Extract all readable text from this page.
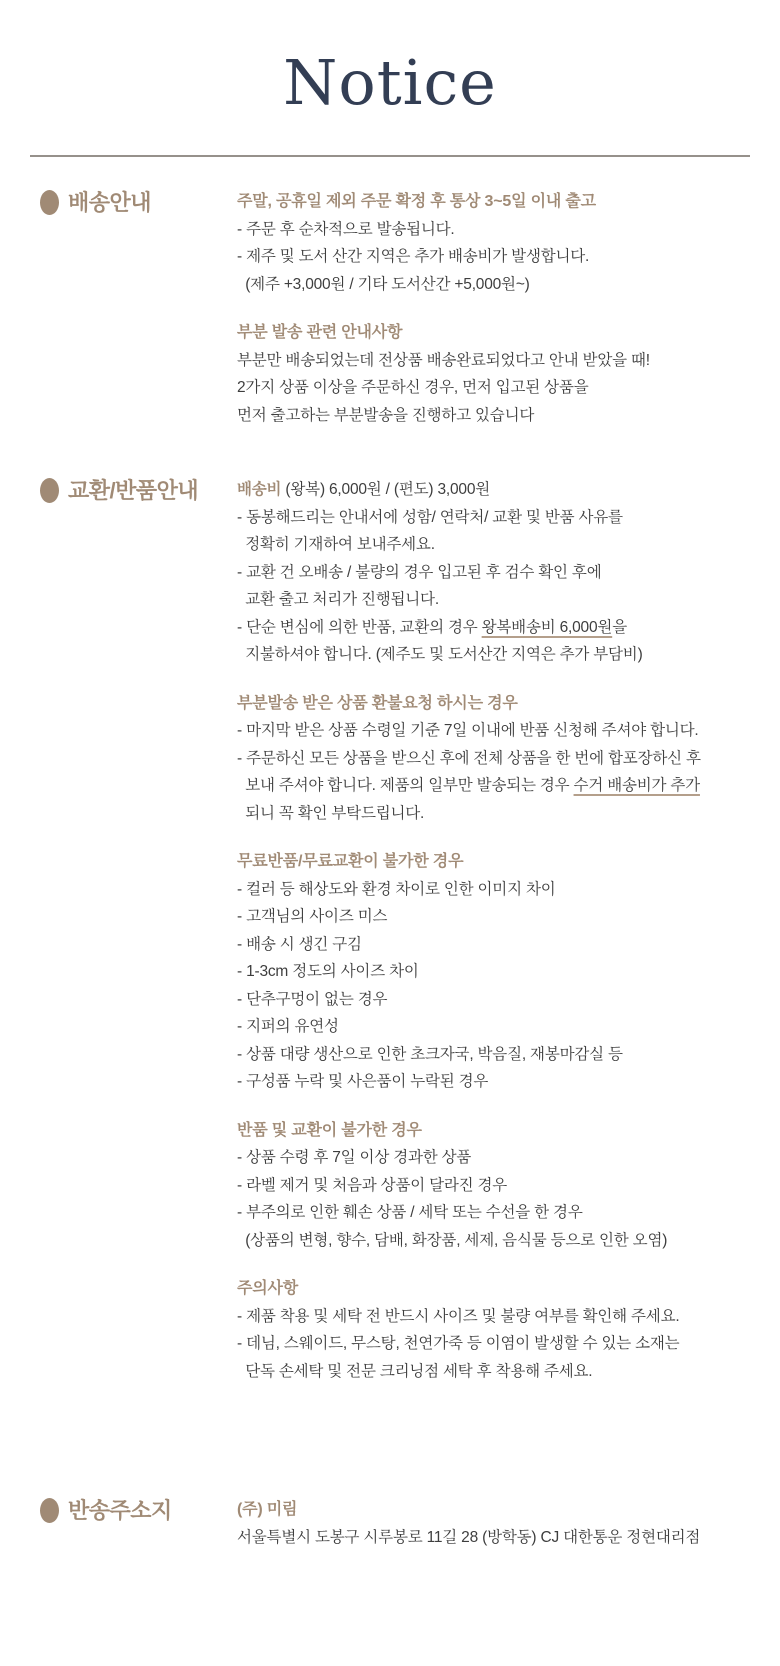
Notice
배송안내	주말, 공휴일 제외 주문 확정 후 통상 3~5일 이내 출고

- 주문 후 순차적으로 발송됩니다.

- 제주 및 도서 산간 지역은 추가 배송비가 발생합니다.

(제주 +3,000원 / 기타 도서산간 +5,000원~)

부분 발송 관련 안내사항

부분만 배송되었는데 전상품 배송완료되었다고 안내 받았을 때!

2가지 상품 이상을 주문하신 경우, 먼저 입고된 상품을

먼저 출고하는 부분발송을 진행하고 있습니다

교환/반품안내	배송비 (왕복) 6,000원 / (편도) 3,000원

- 동봉해드리는 안내서에 성함/ 연락처/ 교환 및 반품 사유를

정확히 기재하여 보내주세요.

- 교환 건 오배송 / 불량의 경우 입고된 후 검수 확인 후에

교환 출고 처리가 진행됩니다.

- 단순 변심에 의한 반품, 교환의 경우 왕복배송비 6,000원을

지불하셔야 합니다. (제주도 및 도서산간 지역은 추가 부담비)

부분발송 받은 상품 환불요청 하시는 경우

- 마지막 받은 상품 수령일 기준 7일 이내에 반품 신청해 주셔야 합니다.

- 주문하신 모든 상품을 받으신 후에 전체 상품을 한 번에 합포장하신 후

보내 주셔야 합니다. 제품의 일부만 발송되는 경우 수거 배송비가 추가

되니 꼭 확인 부탁드립니다.

무료반품/무료교환이 불가한 경우

- 컬러 등 해상도와 환경 차이로 인한 이미지 차이

- 고객님의 사이즈 미스

- 배송 시 생긴 구김

- 1-3cm 정도의 사이즈 차이

- 단추구멍이 없는 경우

- 지퍼의 유연성

- 상품 대량 생산으로 인한 초크자국, 박음질, 재봉마감실 등

- 구성품 누락 및 사은품이 누락된 경우

반품 및 교환이 불가한 경우

- 상품 수령 후 7일 이상 경과한 상품

- 라벨 제거 및 처음과 상품이 달라진 경우

- 부주의로 인한 훼손 상품 / 세탁 또는 수선을 한 경우

(상품의 변형, 향수, 담배, 화장품, 세제, 음식물 등으로 인한 오염)

주의사항

- 제품 착용 및 세탁 전 반드시 사이즈 및 불량 여부를 확인해 주세요.

- 데님, 스웨이드, 무스탕, 천연가죽 등 이염이 발생할 수 있는 소재는

단독 손세탁 및 전문 크리닝점 세탁 후 착용해 주세요.

반송주소지	(주) 미림

서울특별시 도봉구 시루봉로 11길 28 (방학동) CJ 대한통운 정현대리점
